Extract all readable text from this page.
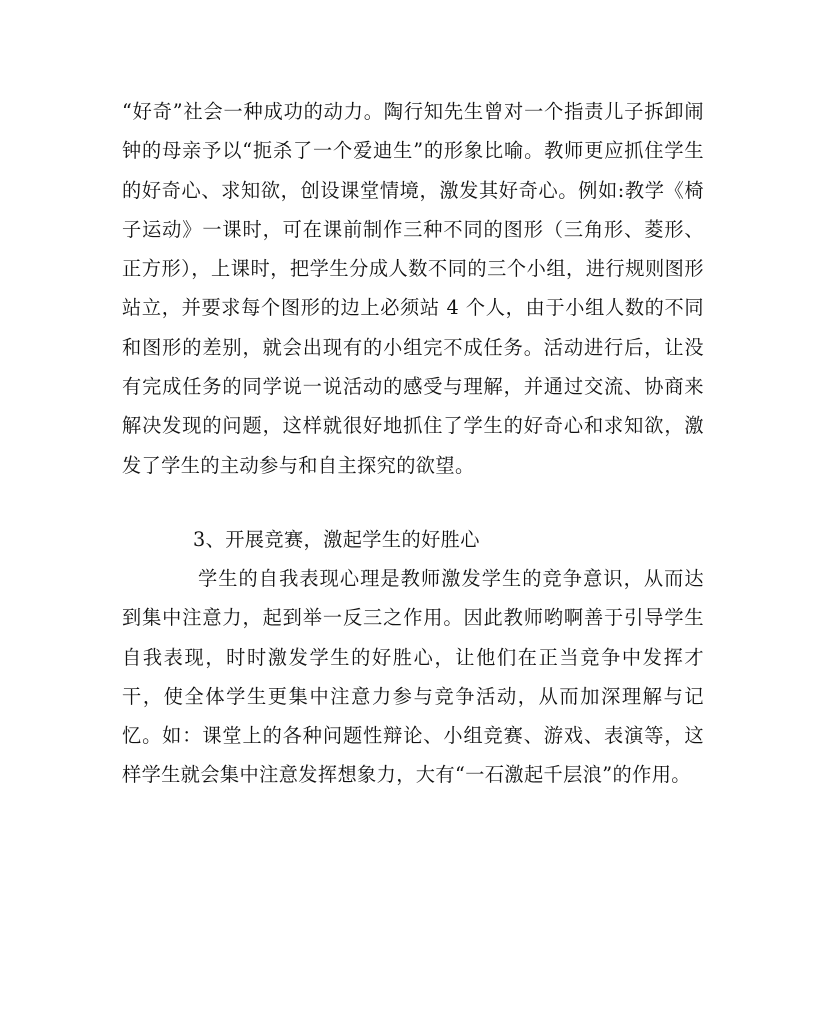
“好奇”社会一种成功的动力。陶行知先生曾对一个指责儿子拆卸闹钟的母亲予以“扼杀了一个爱迪生”的形象比喻。教师更应抓住学生的好奇心、求知欲，创设课堂情境，激发其好奇心。例如:教学《椅子运动》一课时，可在课前制作三种不同的图形（三角形、菱形、正方形），上课时，把学生分成人数不同的三个小组，进行规则图形站立，并要求每个图形的边上必须站 4 个人，由于小组人数的不同和图形的差别，就会出现有的小组完不成任务。活动进行后，让没有完成任务的同学说一说活动的感受与理解，并通过交流、协商来解决发现的问题，这样就很好地抓住了学生的好奇心和求知欲，激发了学生的主动参与和自主探究的欲望。

3、开展竞赛，激起学生的好胜心

学生的自我表现心理是教师激发学生的竞争意识，从而达到集中注意力，起到举一反三之作用。因此教师哟啊善于引导学生自我表现，时时激发学生的好胜心，让他们在正当竞争中发挥才干，使全体学生更集中注意力参与竞争活动，从而加深理解与记忆。如：课堂上的各种问题性辩论、小组竞赛、游戏、表演等，这样学生就会集中注意发挥想象力，大有“一石激起千层浪”的作用。
